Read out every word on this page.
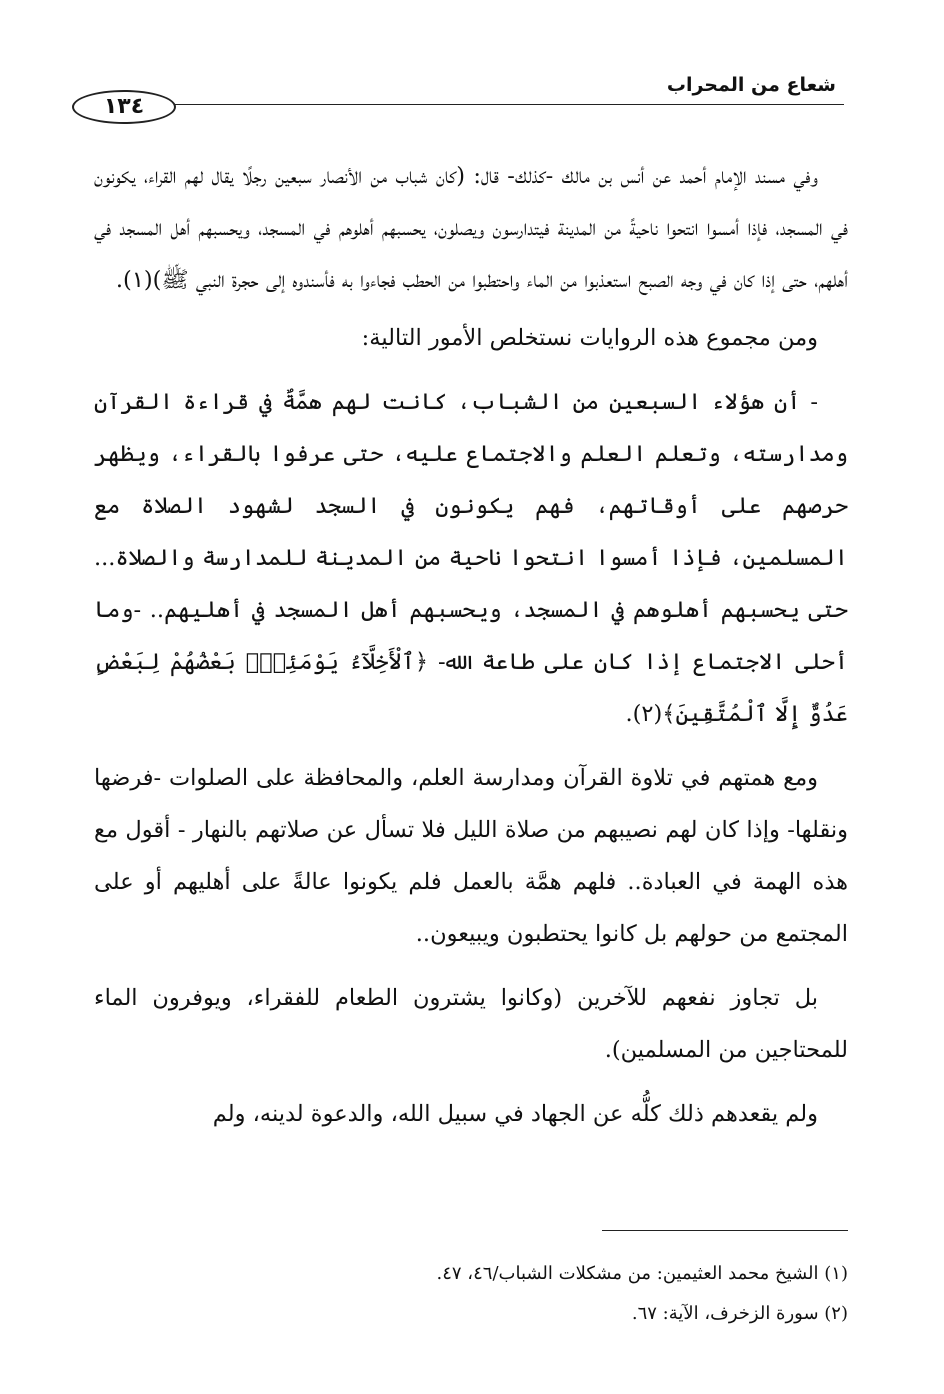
شعاع من المحراب
١٣٤

وفي مسند الإمام أحمد عن أنس بن مالك -كذلك- قال: (كان شباب من الأنصار سبعين رجلًا يقال لهم القراء، يكونون في المسجد، فإذا أمسوا انتحوا ناحيةً من المدينة فيتدارسون ويصلون، يحسبهم أهلوهم في المسجد، ويحسبهم أهل المسجد في أهلهم، حتى إذا كان في وجه الصبح استعذبوا من الماء واحتطبوا من الحطب فجاءوا به فأسندوه إلى حجرة النبي ﷺ)(١).

ومن مجموع هذه الروايات نستخلص الأمور التالية:

- أن هؤلاء السبعين من الشباب، كانت لهم همَّةٌ في قراءة القرآن ومدارسته، وتعلم العلم والاجتماع عليه، حتى عرفوا بالقراء، ويظهر حرصهم على أوقاتهم، فهم يكونون في السجد لشهود الصلاة مع المسلمين، فإذا أمسوا انتحوا ناحية من المدينة للمدارسة والصلاة... حتى يحسبهم أهلوهم في المسجد، ويحسبهم أهل المسجد في أهليهم.. -وما أحلى الاجتماع إذا كان على طاعة الله- ﴿ٱلْأَخِلَّآءُ يَوْمَئِذٍۭ بَعْضُهُمْ لِبَعْضٍ عَدُوٌّ إِلَّا ٱلْمُتَّقِينَ﴾(٢).

ومع همتهم في تلاوة القرآن ومدارسة العلم، والمحافظة على الصلوات -فرضها ونقلها- وإذا كان لهم نصيبهم من صلاة الليل فلا تسأل عن صلاتهم بالنهار - أقول مع هذه الهمة في العبادة.. فلهم همَّة بالعمل فلم يكونوا عالةً على أهليهم أو على المجتمع من حولهم بل كانوا يحتطبون ويبيعون..

بل تجاوز نفعهم للآخرين (وكانوا يشترون الطعام للفقراء، ويوفرون الماء للمحتاجين من المسلمين).

ولم يقعدهم ذلك كلُّه عن الجهاد في سبيل الله، والدعوة لدينه، ولم

(١) الشيخ محمد العثيمين: من مشكلات الشباب/٤٦، ٤٧.
(٢) سورة الزخرف، الآية: ٦٧.
